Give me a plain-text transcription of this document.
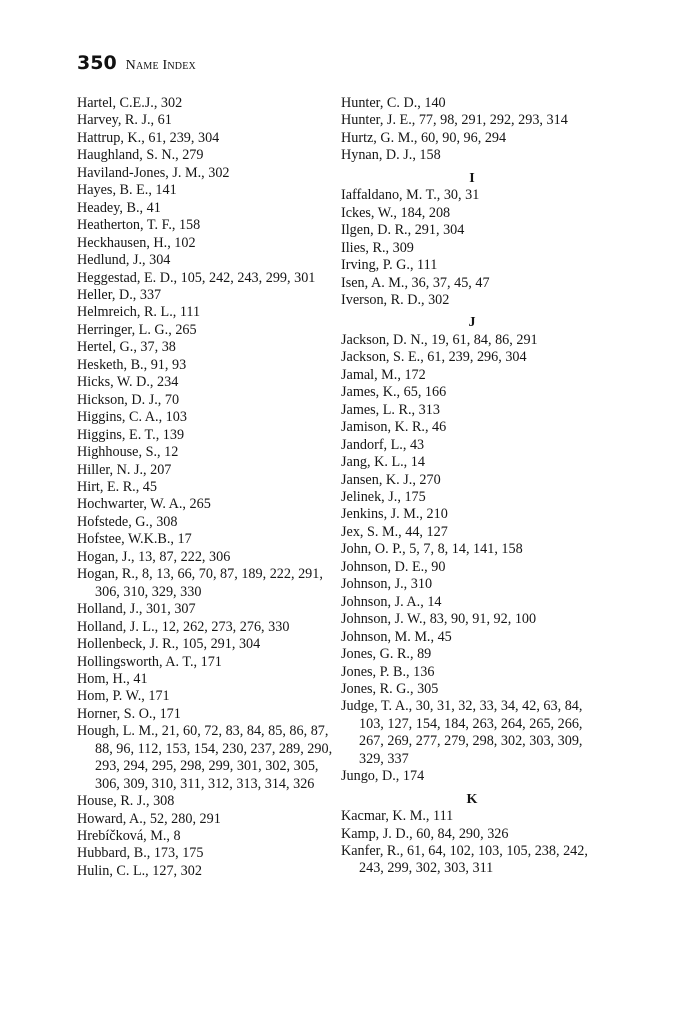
350 Name Index
Hartel, C.E.J., 302
Harvey, R. J., 61
Hattrup, K., 61, 239, 304
Haughland, S. N., 279
Haviland-Jones, J. M., 302
Hayes, B. E., 141
Headey, B., 41
Heatherton, T. F., 158
Heckhausen, H., 102
Hedlund, J., 304
Heggestad, E. D., 105, 242, 243, 299, 301
Heller, D., 337
Helmreich, R. L., 111
Herringer, L. G., 265
Hertel, G., 37, 38
Hesketh, B., 91, 93
Hicks, W. D., 234
Hickson, D. J., 70
Higgins, C. A., 103
Higgins, E. T., 139
Highhouse, S., 12
Hiller, N. J., 207
Hirt, E. R., 45
Hochwarter, W. A., 265
Hofstede, G., 308
Hofstee, W.K.B., 17
Hogan, J., 13, 87, 222, 306
Hogan, R., 8, 13, 66, 70, 87, 189, 222, 291, 306, 310, 329, 330
Holland, J., 301, 307
Holland, J. L., 12, 262, 273, 276, 330
Hollenbeck, J. R., 105, 291, 304
Hollingsworth, A. T., 171
Hom, H., 41
Hom, P. W., 171
Horner, S. O., 171
Hough, L. M., 21, 60, 72, 83, 84, 85, 86, 87, 88, 96, 112, 153, 154, 230, 237, 289, 290, 293, 294, 295, 298, 299, 301, 302, 305, 306, 309, 310, 311, 312, 313, 314, 326
House, R. J., 308
Howard, A., 52, 280, 291
Hrebíčková, M., 8
Hubbard, B., 173, 175
Hulin, C. L., 127, 302
Hunter, C. D., 140
Hunter, J. E., 77, 98, 291, 292, 293, 314
Hurtz, G. M., 60, 90, 96, 294
Hynan, D. J., 158
I
Iaffaldano, M. T., 30, 31
Ickes, W., 184, 208
Ilgen, D. R., 291, 304
Ilies, R., 309
Irving, P. G., 111
Isen, A. M., 36, 37, 45, 47
Iverson, R. D., 302
J
Jackson, D. N., 19, 61, 84, 86, 291
Jackson, S. E., 61, 239, 296, 304
Jamal, M., 172
James, K., 65, 166
James, L. R., 313
Jamison, K. R., 46
Jandorf, L., 43
Jang, K. L., 14
Jansen, K. J., 270
Jelinek, J., 175
Jenkins, J. M., 210
Jex, S. M., 44, 127
John, O. P., 5, 7, 8, 14, 141, 158
Johnson, D. E., 90
Johnson, J., 310
Johnson, J. A., 14
Johnson, J. W., 83, 90, 91, 92, 100
Johnson, M. M., 45
Jones, G. R., 89
Jones, P. B., 136
Jones, R. G., 305
Judge, T. A., 30, 31, 32, 33, 34, 42, 63, 84, 103, 127, 154, 184, 263, 264, 265, 266, 267, 269, 277, 279, 298, 302, 303, 309, 329, 337
Jungo, D., 174
K
Kacmar, K. M., 111
Kamp, J. D., 60, 84, 290, 326
Kanfer, R., 61, 64, 102, 103, 105, 238, 242, 243, 299, 302, 303, 311
